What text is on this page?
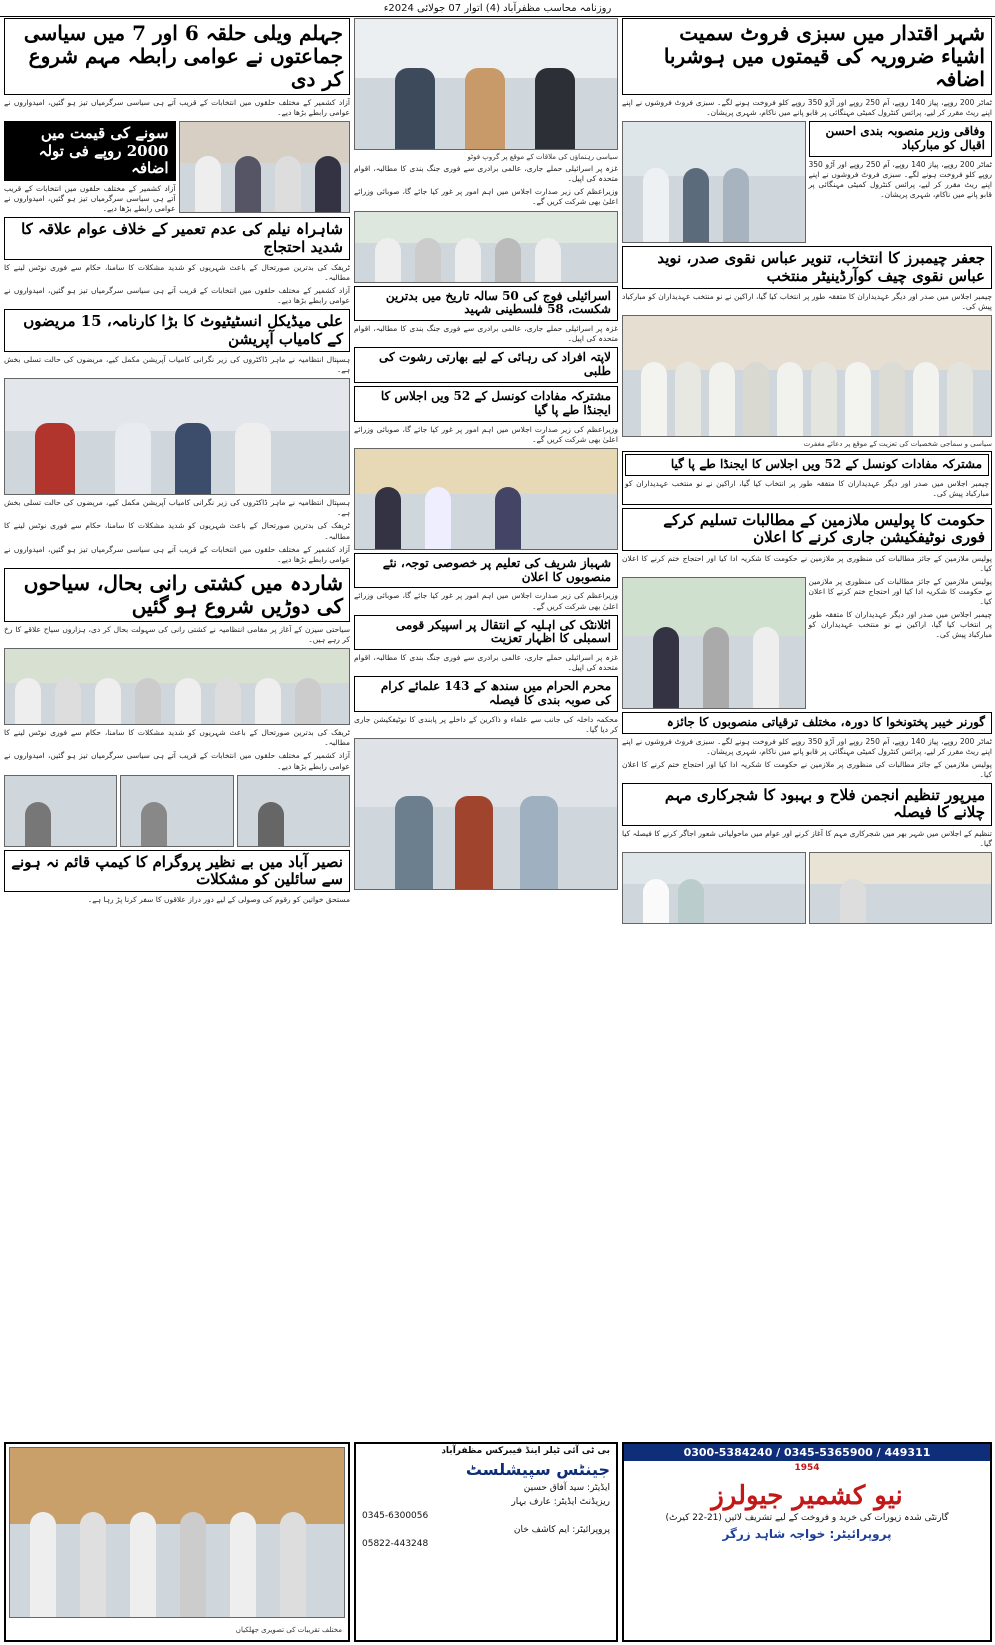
روزنامہ محاسب مظفرآباد (4) اتوار 07 جولائی 2024ء
شہر اقتدار میں سبزی فروٹ سمیت اشیاء ضروریہ کی قیمتوں میں ہوشربا اضافہ
ٹماٹر 200 روپے، پیاز 140 روپے، آم 250 روپے اور آڑو 350 روپے کلو فروخت ہونے لگے۔ سبزی فروٹ فروشوں نے اپنے اپنے ریٹ مقرر کر لیے، پرائس کنٹرول کمیٹی مہنگائی پر قابو پانے میں ناکام، شہری پریشان۔
وفاقی وزیر منصوبہ بندی احسن اقبال کو مبارکباد
ٹماٹر 200 روپے، پیاز 140 روپے، آم 250 روپے اور آڑو 350 روپے کلو فروخت ہونے لگے۔ سبزی فروٹ فروشوں نے اپنے اپنے ریٹ مقرر کر لیے، پرائس کنٹرول کمیٹی مہنگائی پر قابو پانے میں ناکام، شہری پریشان۔
جعفر چیمبرز کا انتخاب، تنویر عباس نقوی صدر، نوید عباس نقوی چیف کوآرڈینیٹر منتخب
چیمبر اجلاس میں صدر اور دیگر عہدیداران کا متفقہ طور پر انتخاب کیا گیا، اراکین نے نو منتخب عہدیداران کو مبارکباد پیش کی۔
سیاسی و سماجی شخصیات کی تعزیت کے موقع پر دعائے مغفرت
مشترکہ مفادات کونسل کے 52 ویں اجلاس کا ایجنڈا طے پا گیا
چیمبر اجلاس میں صدر اور دیگر عہدیداران کا متفقہ طور پر انتخاب کیا گیا، اراکین نے نو منتخب عہدیداران کو مبارکباد پیش کی۔
حکومت کا پولیس ملازمین کے مطالبات تسلیم کرکے فوری نوٹیفکیشن جاری کرنے کا اعلان
پولیس ملازمین کے جائز مطالبات کی منظوری پر ملازمین نے حکومت کا شکریہ ادا کیا اور احتجاج ختم کرنے کا اعلان کیا۔
پولیس ملازمین کے جائز مطالبات کی منظوری پر ملازمین نے حکومت کا شکریہ ادا کیا اور احتجاج ختم کرنے کا اعلان کیا۔
چیمبر اجلاس میں صدر اور دیگر عہدیداران کا متفقہ طور پر انتخاب کیا گیا، اراکین نے نو منتخب عہدیداران کو مبارکباد پیش کی۔
گورنر خیبر پختونخوا کا دورہ، مختلف ترقیاتی منصوبوں کا جائزہ
ٹماٹر 200 روپے، پیاز 140 روپے، آم 250 روپے اور آڑو 350 روپے کلو فروخت ہونے لگے۔ سبزی فروٹ فروشوں نے اپنے اپنے ریٹ مقرر کر لیے، پرائس کنٹرول کمیٹی مہنگائی پر قابو پانے میں ناکام، شہری پریشان۔
پولیس ملازمین کے جائز مطالبات کی منظوری پر ملازمین نے حکومت کا شکریہ ادا کیا اور احتجاج ختم کرنے کا اعلان کیا۔
میرپور تنظیم انجمن فلاح و بہبود کا شجرکاری مہم چلانے کا فیصلہ
تنظیم کے اجلاس میں شہر بھر میں شجرکاری مہم کا آغاز کرنے اور عوام میں ماحولیاتی شعور اجاگر کرنے کا فیصلہ کیا گیا۔
سیاسی رہنماؤں کی ملاقات کے موقع پر گروپ فوٹو
غزہ پر اسرائیلی حملے جاری، عالمی برادری سے فوری جنگ بندی کا مطالبہ، اقوام متحدہ کی اپیل۔
وزیراعظم کی زیر صدارت اجلاس میں اہم امور پر غور کیا جائے گا، صوبائی وزرائے اعلیٰ بھی شرکت کریں گے۔
اسرائیلی فوج کی 50 سالہ تاریخ میں بدترین شکست، 58 فلسطینی شہید
غزہ پر اسرائیلی حملے جاری، عالمی برادری سے فوری جنگ بندی کا مطالبہ، اقوام متحدہ کی اپیل۔
لاپتہ افراد کی رہائی کے لیے بھارتی رشوت کی طلبی
مشترکہ مفادات کونسل کے 52 ویں اجلاس کا ایجنڈا طے پا گیا
وزیراعظم کی زیر صدارت اجلاس میں اہم امور پر غور کیا جائے گا، صوبائی وزرائے اعلیٰ بھی شرکت کریں گے۔
شہباز شریف کی تعلیم پر خصوصی توجہ، نئے منصوبوں کا اعلان
وزیراعظم کی زیر صدارت اجلاس میں اہم امور پر غور کیا جائے گا، صوبائی وزرائے اعلیٰ بھی شرکت کریں گے۔
اٹلانٹک کی اہلیہ کے انتقال پر اسپیکر قومی اسمبلی کا اظہار تعزیت
غزہ پر اسرائیلی حملے جاری، عالمی برادری سے فوری جنگ بندی کا مطالبہ، اقوام متحدہ کی اپیل۔
محرم الحرام میں سندھ کے 143 علمائے کرام کی صوبہ بندی کا فیصلہ
محکمہ داخلہ کی جانب سے علماء و ذاکرین کے داخلے پر پابندی کا نوٹیفکیشن جاری کر دیا گیا۔
جہلم ویلی حلقہ 6 اور 7 میں سیاسی جماعتوں نے عوامی رابطہ مہم شروع کر دی
آزاد کشمیر کے مختلف حلقوں میں انتخابات کے قریب آتے ہی سیاسی سرگرمیاں تیز ہو گئیں، امیدواروں نے عوامی رابطے بڑھا دیے۔
سونے کی قیمت میں 2000 روپے فی تولہ اضافہ
آزاد کشمیر کے مختلف حلقوں میں انتخابات کے قریب آتے ہی سیاسی سرگرمیاں تیز ہو گئیں، امیدواروں نے عوامی رابطے بڑھا دیے۔
شاہراہ نیلم کی عدم تعمیر کے خلاف عوام علاقہ کا شدید احتجاج
ٹریفک کی بدترین صورتحال کے باعث شہریوں کو شدید مشکلات کا سامنا، حکام سے فوری نوٹس لینے کا مطالبہ۔
آزاد کشمیر کے مختلف حلقوں میں انتخابات کے قریب آتے ہی سیاسی سرگرمیاں تیز ہو گئیں، امیدواروں نے عوامی رابطے بڑھا دیے۔
علی میڈیکل انسٹیٹیوٹ کا بڑا کارنامہ، 15 مریضوں کے کامیاب آپریشن
ہسپتال انتظامیہ نے ماہر ڈاکٹروں کی زیر نگرانی کامیاب آپریشن مکمل کیے، مریضوں کی حالت تسلی بخش ہے۔
ہسپتال انتظامیہ نے ماہر ڈاکٹروں کی زیر نگرانی کامیاب آپریشن مکمل کیے، مریضوں کی حالت تسلی بخش ہے۔
ٹریفک کی بدترین صورتحال کے باعث شہریوں کو شدید مشکلات کا سامنا، حکام سے فوری نوٹس لینے کا مطالبہ۔
آزاد کشمیر کے مختلف حلقوں میں انتخابات کے قریب آتے ہی سیاسی سرگرمیاں تیز ہو گئیں، امیدواروں نے عوامی رابطے بڑھا دیے۔
شاردہ میں کشتی رانی بحال، سیاحوں کی دوڑیں شروع ہو گئیں
سیاحتی سیزن کے آغاز پر مقامی انتظامیہ نے کشتی رانی کی سہولت بحال کر دی، ہزاروں سیاح علاقے کا رخ کر رہے ہیں۔
ٹریفک کی بدترین صورتحال کے باعث شہریوں کو شدید مشکلات کا سامنا، حکام سے فوری نوٹس لینے کا مطالبہ۔
آزاد کشمیر کے مختلف حلقوں میں انتخابات کے قریب آتے ہی سیاسی سرگرمیاں تیز ہو گئیں، امیدواروں نے عوامی رابطے بڑھا دیے۔
نصیر آباد میں بے نظیر پروگرام کا کیمپ قائم نہ ہونے سے سائلین کو مشکلات
مستحق خواتین کو رقوم کی وصولی کے لیے دور دراز علاقوں کا سفر کرنا پڑ رہا ہے۔
مختلف تقریبات کی تصویری جھلکیاں
بی ٹی آئی ٹیلر اینڈ فیبرکس مظفرآباد
جینٹس سپیشلسٹ
ایڈیٹر: سید آفاق حسین
ریزیڈنٹ ایڈیٹر: عارف بہار
0345-6300056
پروپرائیٹر: ایم کاشف خان
05822-443248
0300-5384240 / 0345-5365900 / 449311
1954
نیو کشمیر جیولرز
گارنٹی شدہ زیورات کی خرید و فروخت کے لیے تشریف لائیں (21-22 کیرٹ)
پروپرائیٹر: خواجہ شاہد زرگر
